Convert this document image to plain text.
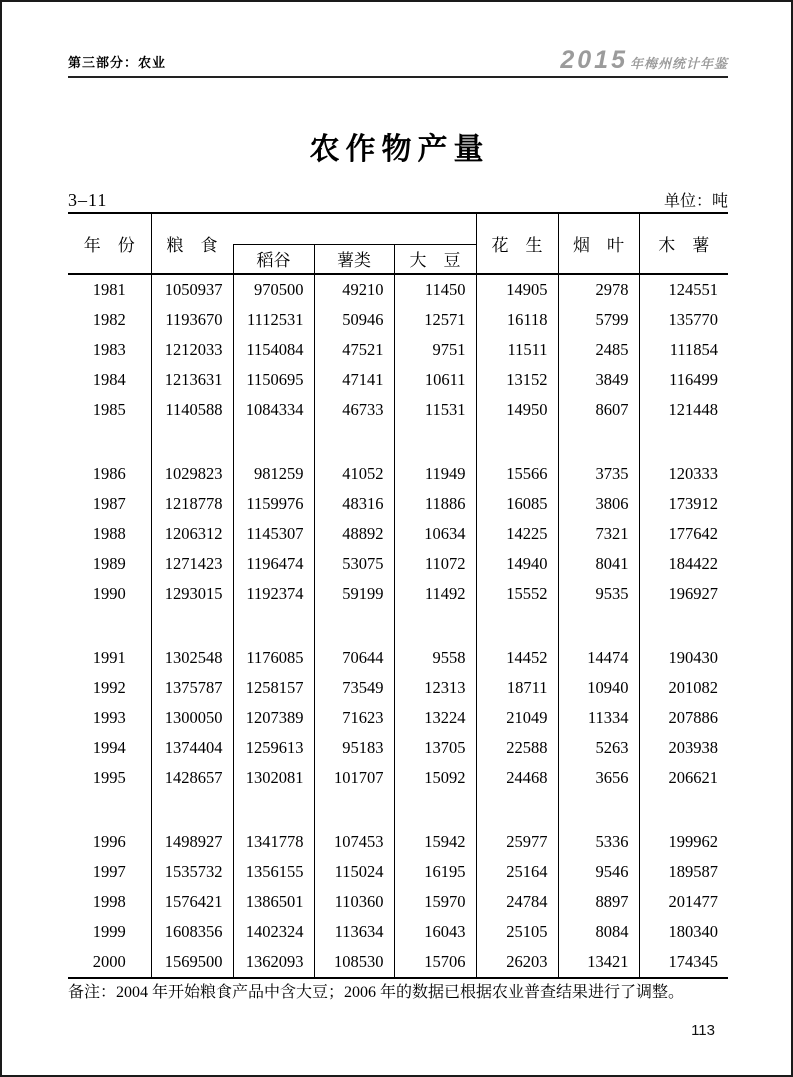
第三部分：农业	2015 年梅州统计年鉴
农作物产量
3–11	单位：吨
年　份	粮　食				花　生	烟　叶	木　薯
		稻谷	薯类	大　豆			
1981	1050937	970500	49210	11450	14905	2978	124551
1982	1193670	1112531	50946	12571	16118	5799	135770
1983	1212033	1154084	47521	9751	11511	2485	111854
1984	1213631	1150695	47141	10611	13152	3849	116499
1985	1140588	1084334	46733	11531	14950	8607	121448

1986	1029823	981259	41052	11949	15566	3735	120333
1987	1218778	1159976	48316	11886	16085	3806	173912
1988	1206312	1145307	48892	10634	14225	7321	177642
1989	1271423	1196474	53075	11072	14940	8041	184422
1990	1293015	1192374	59199	11492	15552	9535	196927

1991	1302548	1176085	70644	9558	14452	14474	190430
1992	1375787	1258157	73549	12313	18711	10940	201082
1993	1300050	1207389	71623	13224	21049	11334	207886
1994	1374404	1259613	95183	13705	22588	5263	203938
1995	1428657	1302081	101707	15092	24468	3656	206621

1996	1498927	1341778	107453	15942	25977	5336	199962
1997	1535732	1356155	115024	16195	25164	9546	189587
1998	1576421	1386501	110360	15970	24784	8897	201477
1999	1608356	1402324	113634	16043	25105	8084	180340
2000	1569500	1362093	108530	15706	26203	13421	174345

备注：2004 年开始粮食产品中含大豆；2006 年的数据已根据农业普查结果进行了调整。

113
